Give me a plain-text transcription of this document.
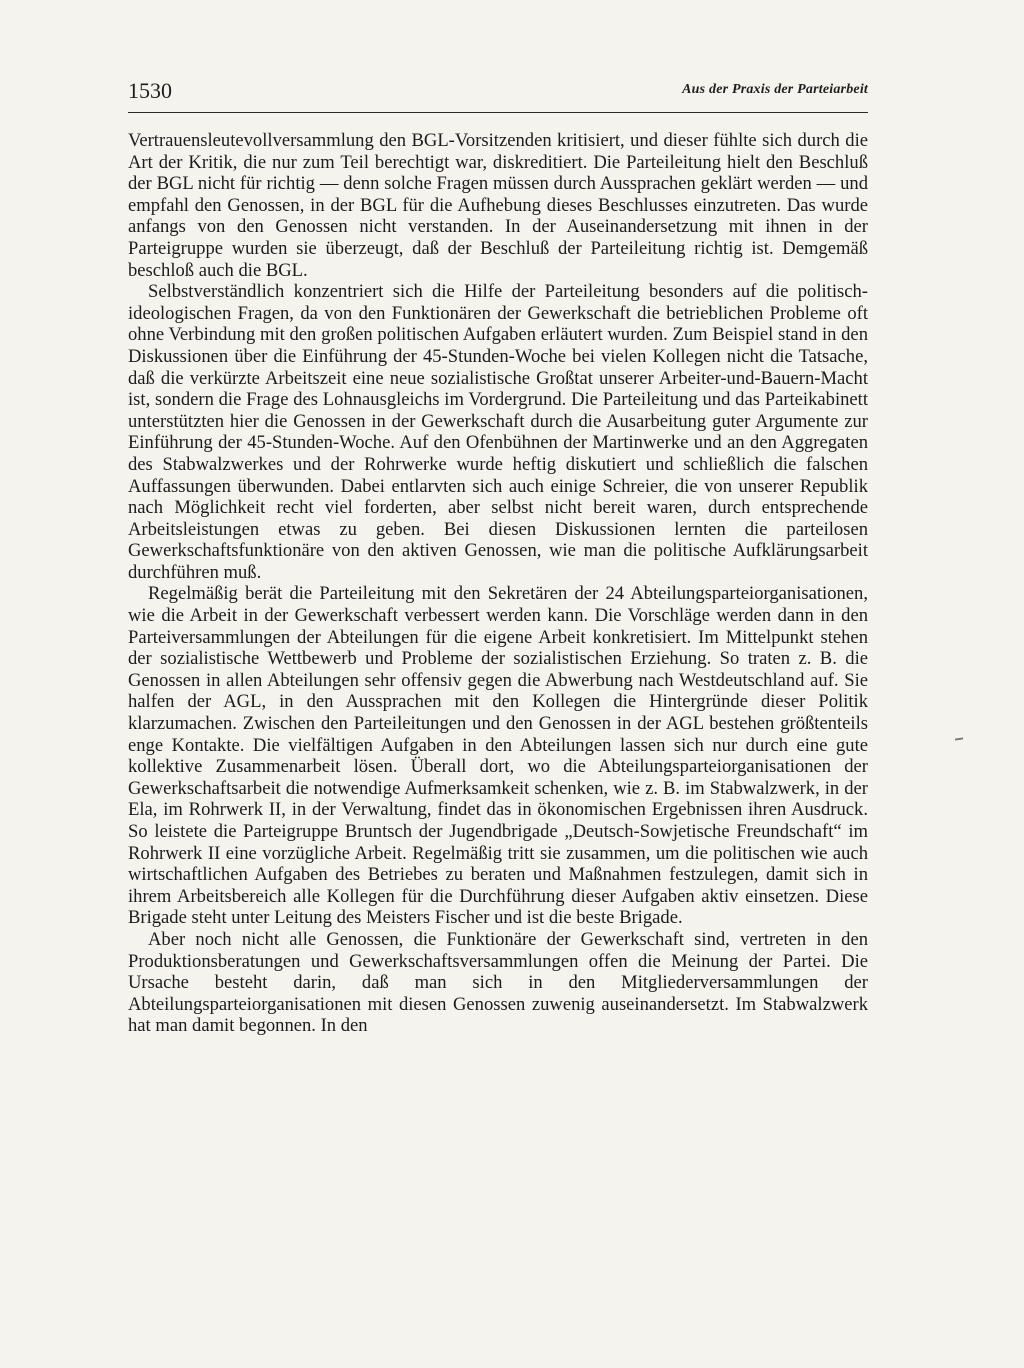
1530	Aus der Praxis der Parteiarbeit

Vertrauensleutevollversammlung den BGL-Vorsitzenden kritisiert, und dieser fühlte sich durch die Art der Kritik, die nur zum Teil berechtigt war, diskreditiert. Die Parteileitung hielt den Beschluß der BGL nicht für richtig — denn solche Fragen müssen durch Aussprachen geklärt werden — und empfahl den Genossen, in der BGL für die Aufhebung dieses Beschlusses einzutreten. Das wurde anfangs von den Genossen nicht verstanden. In der Auseinandersetzung mit ihnen in der Parteigruppe wurden sie überzeugt, daß der Beschluß der Parteileitung richtig ist. Demgemäß beschloß auch die BGL.

Selbstverständlich konzentriert sich die Hilfe der Parteileitung besonders auf die politisch-ideologischen Fragen, da von den Funktionären der Gewerkschaft die betrieblichen Probleme oft ohne Verbindung mit den großen politischen Aufgaben erläutert wurden. Zum Beispiel stand in den Diskussionen über die Einführung der 45-Stunden-Woche bei vielen Kollegen nicht die Tatsache, daß die verkürzte Arbeitszeit eine neue sozialistische Großtat unserer Arbeiter-und-Bauern-Macht ist, sondern die Frage des Lohnausgleichs im Vordergrund. Die Parteileitung und das Parteikabinett unterstützten hier die Genossen in der Gewerkschaft durch die Ausarbeitung guter Argumente zur Einführung der 45-Stunden-Woche. Auf den Ofenbühnen der Martinwerke und an den Aggregaten des Stabwalzwerkes und der Rohrwerke wurde heftig diskutiert und schließlich die falschen Auffassungen überwunden. Dabei entlarvten sich auch einige Schreier, die von unserer Republik nach Möglichkeit recht viel forderten, aber selbst nicht bereit waren, durch entsprechende Arbeitsleistungen etwas zu geben. Bei diesen Diskussionen lernten die parteilosen Gewerkschaftsfunktionäre von den aktiven Genossen, wie man die politische Aufklärungsarbeit durchführen muß.

Regelmäßig berät die Parteileitung mit den Sekretären der 24 Abteilungsparteiorganisationen, wie die Arbeit in der Gewerkschaft verbessert werden kann. Die Vorschläge werden dann in den Parteiversammlungen der Abteilungen für die eigene Arbeit konkretisiert. Im Mittelpunkt stehen der sozialistische Wettbewerb und Probleme der sozialistischen Erziehung. So traten z. B. die Genossen in allen Abteilungen sehr offensiv gegen die Abwerbung nach Westdeutschland auf. Sie halfen der AGL, in den Aussprachen mit den Kollegen die Hintergründe dieser Politik klarzumachen. Zwischen den Parteileitungen und den Genossen in der AGL bestehen größtenteils enge Kontakte. Die vielfältigen Aufgaben in den Abteilungen lassen sich nur durch eine gute kollektive Zusammenarbeit lösen. Überall dort, wo die Abteilungsparteiorganisationen der Gewerkschaftsarbeit die notwendige Aufmerksamkeit schenken, wie z. B. im Stabwalzwerk, in der Ela, im Rohrwerk II, in der Verwaltung, findet das in ökonomischen Ergebnissen ihren Ausdruck. So leistete die Parteigruppe Bruntsch der Jugendbrigade „Deutsch-Sowjetische Freundschaft“ im Rohrwerk II eine vorzügliche Arbeit. Regelmäßig tritt sie zusammen, um die politischen wie auch wirtschaftlichen Aufgaben des Betriebes zu beraten und Maßnahmen festzulegen, damit sich in ihrem Arbeitsbereich alle Kollegen für die Durchführung dieser Aufgaben aktiv einsetzen. Diese Brigade steht unter Leitung des Meisters Fischer und ist die beste Brigade.

Aber noch nicht alle Genossen, die Funktionäre der Gewerkschaft sind, vertreten in den Produktionsberatungen und Gewerkschaftsversammlungen offen die Meinung der Partei. Die Ursache besteht darin, daß man sich in den Mitgliederversammlungen der Abteilungsparteiorganisationen mit diesen Genossen zuwenig auseinandersetzt. Im Stabwalzwerk hat man damit begonnen. In den
